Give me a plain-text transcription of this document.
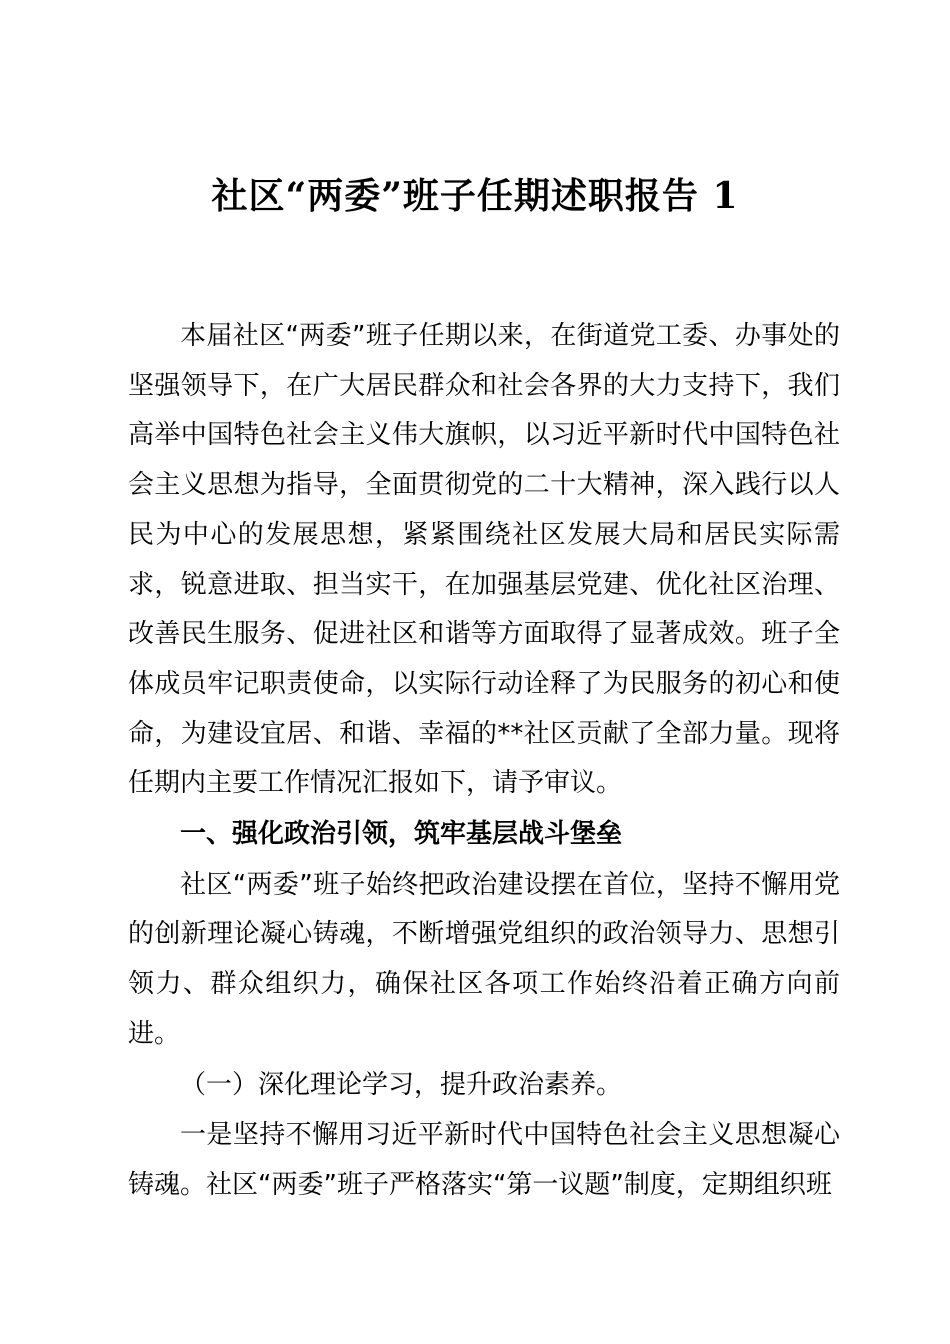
社区“两委”班子任期述职报告 1

本届社区“两委”班子任期以来，在街道党工委、办事处的坚强领导下，在广大居民群众和社会各界的大力支持下，我们高举中国特色社会主义伟大旗帜，以习近平新时代中国特色社会主义思想为指导，全面贯彻党的二十大精神，深入践行以人民为中心的发展思想，紧紧围绕社区发展大局和居民实际需求，锐意进取、担当实干，在加强基层党建、优化社区治理、改善民生服务、促进社区和谐等方面取得了显著成效。班子全体成员牢记职责使命，以实际行动诠释了为民服务的初心和使命，为建设宜居、和谐、幸福的**社区贡献了全部力量。现将任期内主要工作情况汇报如下，请予审议。

一、强化政治引领，筑牢基层战斗堡垒

社区“两委”班子始终把政治建设摆在首位，坚持不懈用党的创新理论凝心铸魂，不断增强党组织的政治领导力、思想引领力、群众组织力，确保社区各项工作始终沿着正确方向前进。

（一）深化理论学习，提升政治素养。

一是坚持不懈用习近平新时代中国特色社会主义思想凝心铸魂。社区“两委”班子严格落实“第一议题”制度，定期组织班
